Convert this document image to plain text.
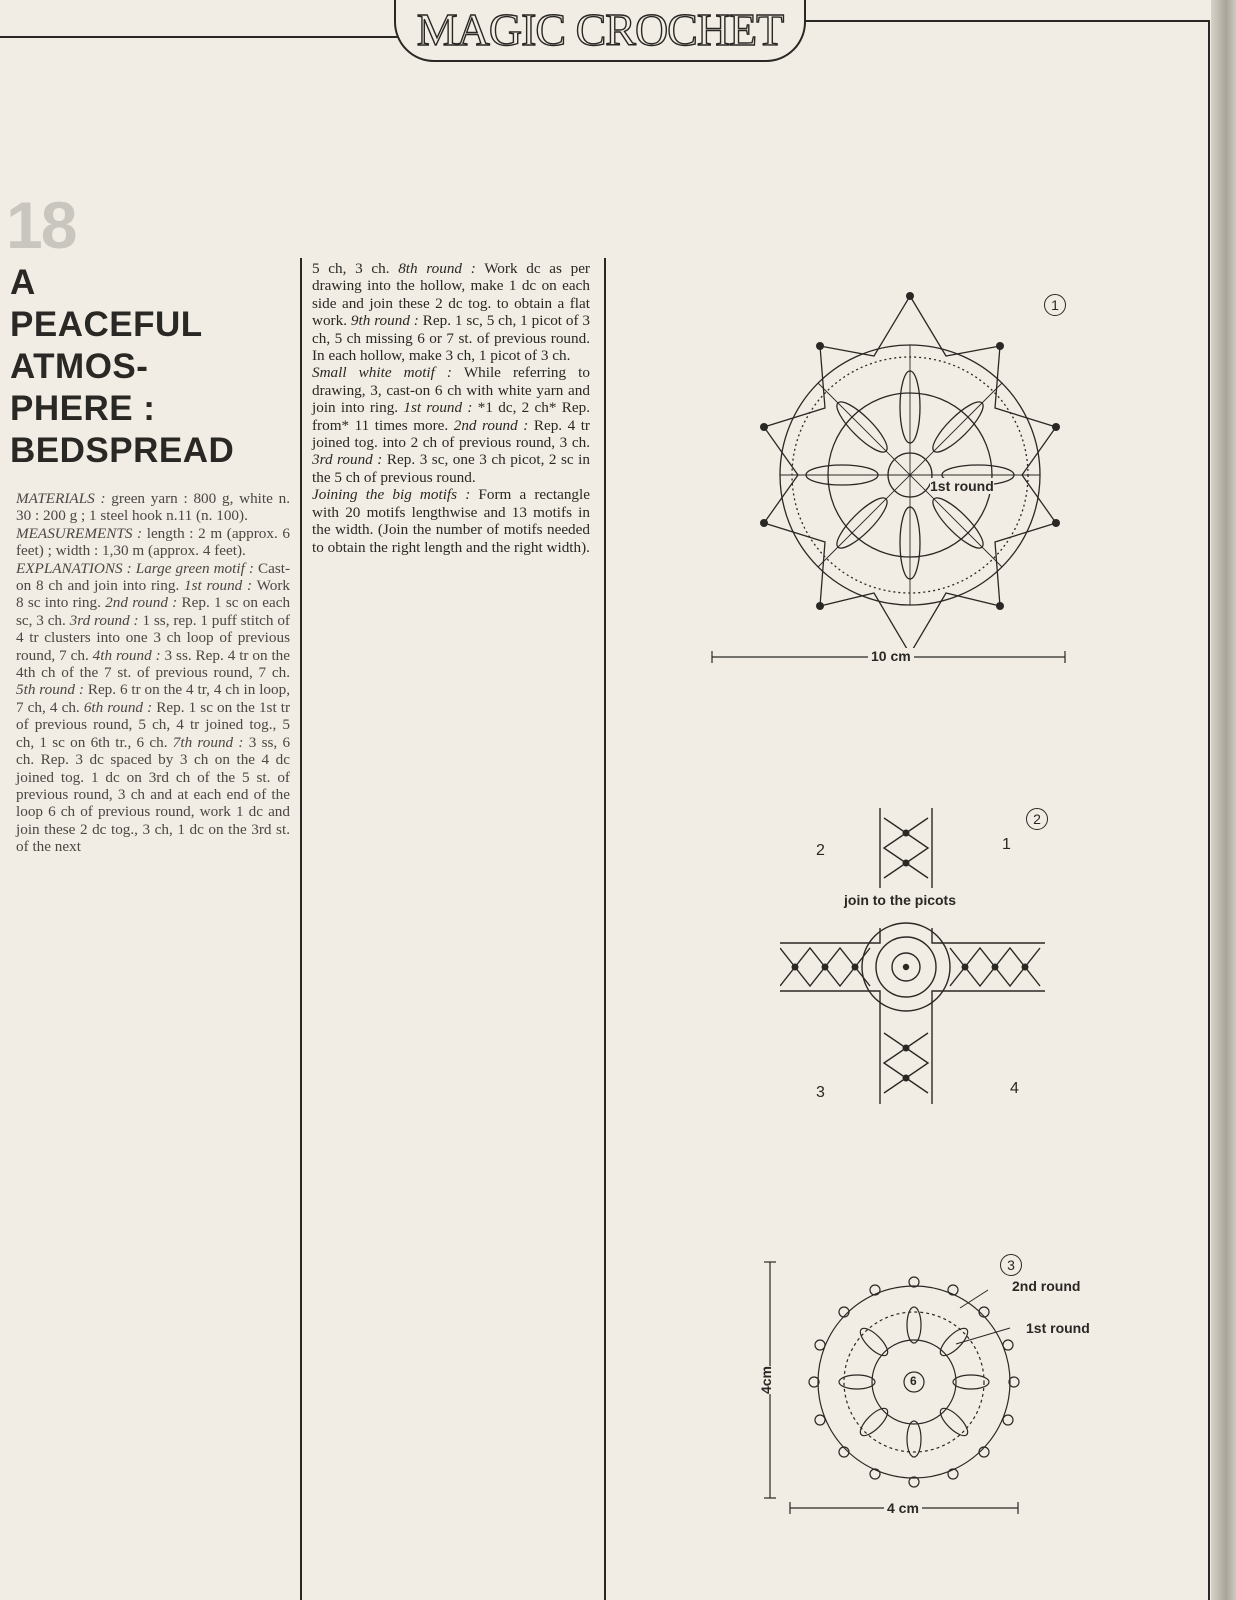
MAGIC CROCHET
18
A
PEACEFUL
ATMOS-
PHERE :
BEDSPREAD

MATERIALS : green yarn : 800 g, white n. 30 : 200 g ; 1 steel hook n.11 (n. 100).

MEASUREMENTS : length : 2 m (approx. 6 feet) ; width : 1,30 m (approx. 4 feet).

EXPLANATIONS : Large green motif : Cast-on 8 ch and join into ring. 1st round : Work 8 sc into ring. 2nd round : Rep. 1 sc on each sc, 3 ch. 3rd round : 1 ss, rep. 1 puff stitch of 4 tr clusters into one 3 ch loop of previous round, 7 ch. 4th round : 3 ss. Rep. 4 tr on the 4th ch of the 7 st. of previous round, 7 ch. 5th round : Rep. 6 tr on the 4 tr, 4 ch in loop, 7 ch, 4 ch. 6th round : Rep. 1 sc on the 1st tr of previous round, 5 ch, 4 tr joined tog., 5 ch, 1 sc on 6th tr., 6 ch. 7th round : 3 ss, 6 ch. Rep. 3 dc spaced by 3 ch on the 4 dc joined tog. 1 dc on 3rd ch of the 5 st. of previous round, 3 ch and at each end of the loop 6 ch of previous round, work 1 dc and join these 2 dc tog., 3 ch, 1 dc on the 3rd st. of the next

5 ch, 3 ch. 8th round : Work dc as per drawing into the hollow, make 1 dc on each side and join these 2 dc tog. to obtain a flat work. 9th round : Rep. 1 sc, 5 ch, 1 picot of 3 ch, 5 ch missing 6 or 7 st. of previous round. In each hollow, make 3 ch, 1 picot of 3 ch.

Small white motif : While referring to drawing, 3, cast-on 6 ch with white yarn and join into ring. 1st round : *1 dc, 2 ch* Rep. from* 11 times more. 2nd round : Rep. 4 tr joined tog. into 2 ch of previous round, 3 ch. 3rd round : Rep. 3 sc, one 3 ch picot, 2 sc in the 5 ch of previous round.

Joining the big motifs : Form a rectangle with 20 motifs lengthwise and 13 motifs in the width. (Join the number of motifs needed to obtain the right length and the right width).

1
1st round
10 cm
2
2	1
join to the picots
3	4
3
2nd round
1st round
6
4cm
4 cm
